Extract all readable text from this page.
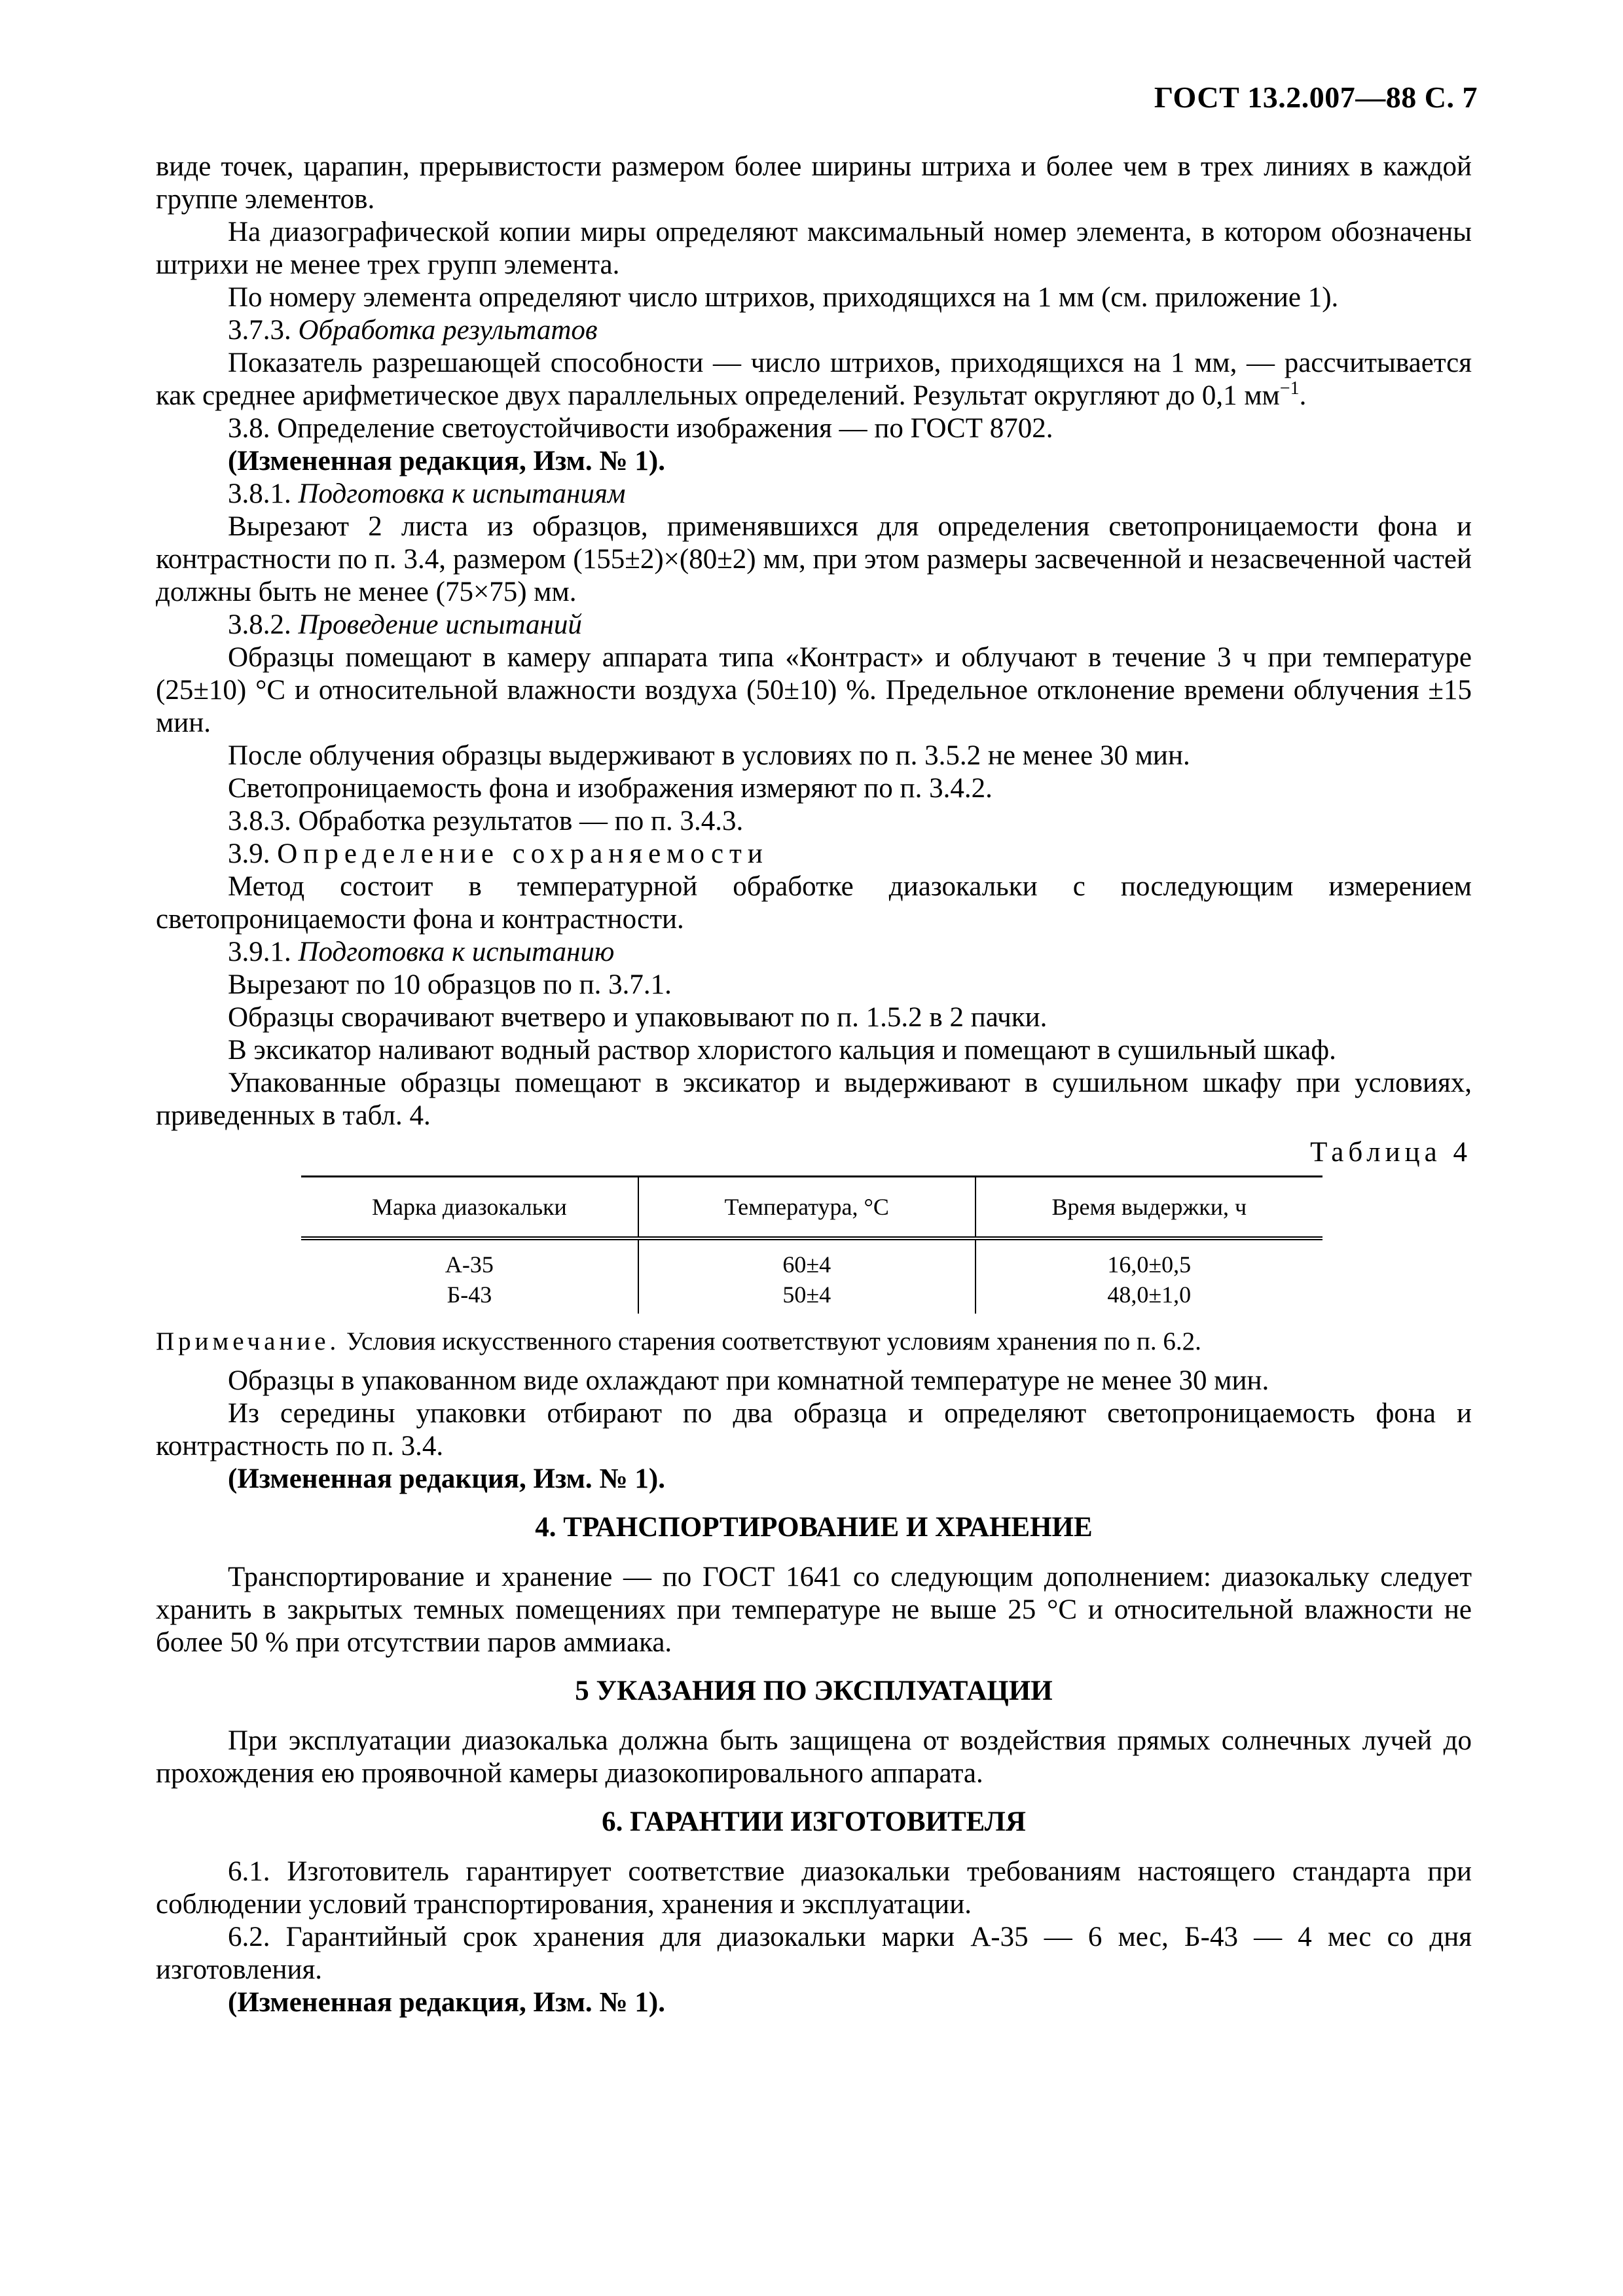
ГОСТ 13.2.007—88 С. 7

виде точек, царапин, прерывистости размером более ширины штриха и более чем в трех линиях в каждой группе элементов.

На диазографической копии миры определяют максимальный номер элемента, в котором обозначены штрихи не менее трех групп элемента.

По номеру элемента определяют число штрихов, приходящихся на 1 мм (см. приложение 1).

3.7.3. Обработка результатов

Показатель разрешающей способности — число штрихов, приходящихся на 1 мм, — рассчитывается как среднее арифметическое двух параллельных определений. Результат округляют до 0,1 $мм^{-1}$.

3.8. Определение светоустойчивости изображения — по ГОСТ 8702.

(Измененная редакция, Изм. № 1).

3.8.1. Подготовка к испытаниям

Вырезают 2 листа из образцов, применявшихся для определения светопроницаемости фона и контрастности по п. 3.4, размером (155±2)×(80±2) мм, при этом размеры засвеченной и незасвеченной частей должны быть не менее (75×75) мм.

3.8.2. Проведение испытаний

Образцы помещают в камеру аппарата типа «Контраст» и облучают в течение 3 ч при температуре (25±10) °С и относительной влажности воздуха (50±10) %. Предельное отклонение времени облучения ±15 мин.

После облучения образцы выдерживают в условиях по п. 3.5.2 не менее 30 мин.

Светопроницаемость фона и изображения измеряют по п. 3.4.2.

3.8.3. Обработка результатов — по п. 3.4.3.

3.9. Определение сохраняемости

Метод состоит в температурной обработке диазокальки с последующим измерением светопроницаемости фона и контрастности.

3.9.1. Подготовка к испытанию

Вырезают по 10 образцов по п. 3.7.1.

Образцы сворачивают вчетверо и упаковывают по п. 1.5.2 в 2 пачки.

В эксикатор наливают водный раствор хлористого кальция и помещают в сушильный шкаф.

Упакованные образцы помещают в эксикатор и выдерживают в сушильном шкафу при условиях, приведенных в табл. 4.

Таблица 4

Марка диазокальки	Температура, °С	Время выдержки, ч
А-35	60±4	16,0±0,5
Б-43	50±4	48,0±1,0

Примечание. Условия искусственного старения соответствуют условиям хранения по п. 6.2.

Образцы в упакованном виде охлаждают при комнатной температуре не менее 30 мин.

Из середины упаковки отбирают по два образца и определяют светопроницаемость фона и контрастность по п. 3.4.

(Измененная редакция, Изм. № 1).

4. ТРАНСПОРТИРОВАНИЕ И ХРАНЕНИЕ

Транспортирование и хранение — по ГОСТ 1641 со следующим дополнением: диазокальку следует хранить в закрытых темных помещениях при температуре не выше 25 °С и относительной влажности не более 50 % при отсутствии паров аммиака.

5 УКАЗАНИЯ ПО ЭКСПЛУАТАЦИИ

При эксплуатации диазокалька должна быть защищена от воздействия прямых солнечных лучей до прохождения ею проявочной камеры диазокопировального аппарата.

6. ГАРАНТИИ ИЗГОТОВИТЕЛЯ

6.1. Изготовитель гарантирует соответствие диазокальки требованиям настоящего стандарта при соблюдении условий транспортирования, хранения и эксплуатации.

6.2. Гарантийный срок хранения для диазокальки марки А-35 — 6 мес, Б-43 — 4 мес со дня изготовления.

(Измененная редакция, Изм. № 1).
